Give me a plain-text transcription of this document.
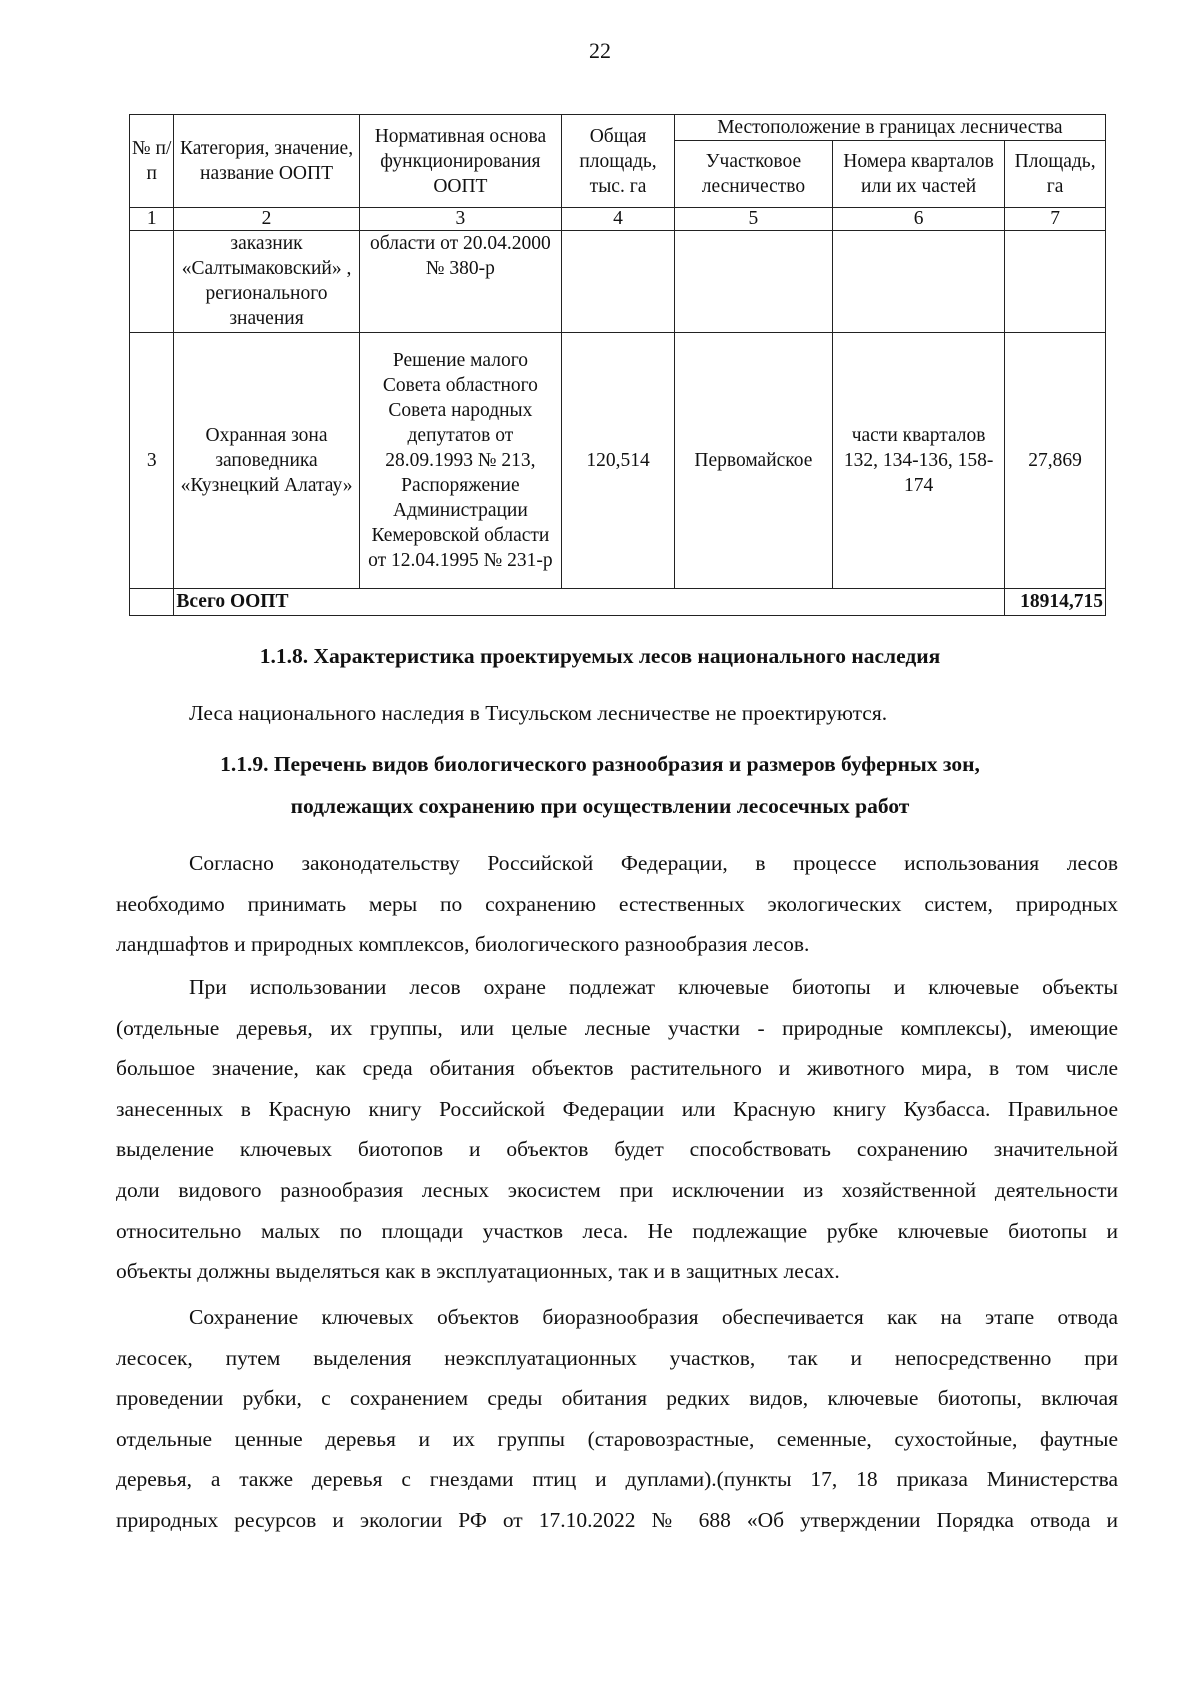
22
№ п/п	Категория, значение, название ООПТ	Нормативная основа функционирования ООПТ	Общая площадь, тыс. га	Местоположение в границах лесничества		
				Участковое лесничество	Номера кварталов или их частей	Площадь, га
1	2	3	4	5	6	7
	заказник «Салтымаковский» , регионального значения	области от 20.04.2000 № 380-р				
3	Охранная зона заповедника «Кузнецкий Алатау»	Решение малого Совета областного Совета народных депутатов от 28.09.1993 № 213, Распоряжение Администрации Кемеровской области от 12.04.1995 № 231-р	120,514	Первомайское	части кварталов 132, 134-136, 158-174	27,869
	Всего ООПТ					18914,715
1.1.8. Характеристика проектируемых лесов национального наследия
Леса национального наследия в Тисульском лесничестве не проектируются.
1.1.9. Перечень видов биологического разнообразия и размеров буферных зон,
подлежащих сохранению при осуществлении лесосечных работ
Согласно законодательству Российской Федерации, в процессе использования лесов
необходимо принимать меры по сохранению естественных экологических систем, природных
ландшафтов и природных комплексов, биологического разнообразия лесов.
При использовании лесов охране подлежат ключевые биотопы и ключевые объекты
(отдельные деревья, их группы, или целые лесные участки - природные комплексы), имеющие
большое значение, как среда обитания объектов растительного и животного мира, в том числе
занесенных в Красную книгу Российской Федерации или Красную книгу Кузбасса. Правильное
выделение ключевых биотопов и объектов будет способствовать сохранению значительной
доли видового разнообразия лесных экосистем при исключении из хозяйственной деятельности
относительно малых по площади участков леса. Не подлежащие рубке ключевые биотопы и
объекты должны выделяться как в эксплуатационных, так и в защитных лесах.
Сохранение ключевых объектов биоразнообразия обеспечивается как на этапе отвода
лесосек, путем выделения неэксплуатационных участков, так и непосредственно при
проведении рубки, с сохранением среды обитания редких видов, ключевые биотопы, включая
отдельные ценные деревья и их группы (старовозрастные, семенные, сухостойные, фаутные
деревья, а также деревья с гнездами птиц и дуплами).(пункты 17, 18 приказа Министерства
природных ресурсов и экологии РФ от 17.10.2022 № 688 «Об утверждении Порядка отвода и
